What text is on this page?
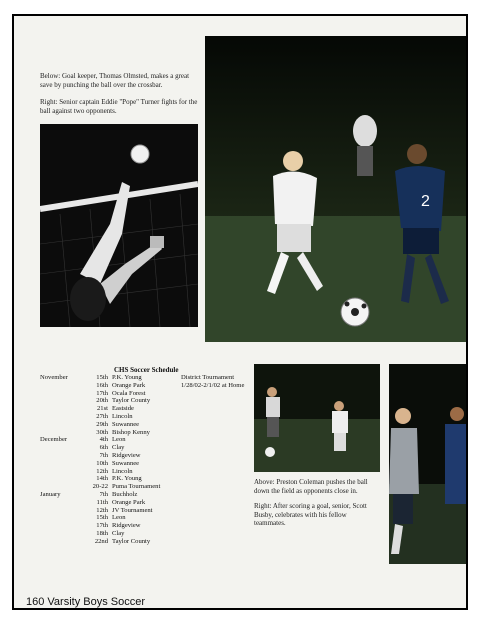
Below: Goal keeper, Thomas Olmsted, makes a great save by punching the ball over the crossbar.
Right: Senior captain Eddie "Pope" Turner fights for the ball against two opponents.
2
CHS Soccer Schedule
November	15th	P.K. Young
	16th	Orange Park
	17th	Ocala Forest
	20th	Taylor County
	21st	Eastside
	27th	Lincoln
	29th	Suwannee
	30th	Bishop Kenny
December	4th	Leon
	6th	Clay
	7th	Ridgeview
	10th	Suwannee
	12th	Lincoln
	14th	P.K. Young
	20-22	Puma Tournament
January	7th	Buchholz
	11th	Orange Park
	12th	JV Tournament
	15th	Leon
	17th	Ridgeview
	18th	Clay
	22nd	Taylor County
District Tournament
1/28/02-2/1/02 at Home
Above: Preston Coleman pushes the ball down the field as opponents close in.
Right: After scoring a goal, senior, Scott Busby, celebrates with his fellow teammates.
160 Varsity Boys Soccer
